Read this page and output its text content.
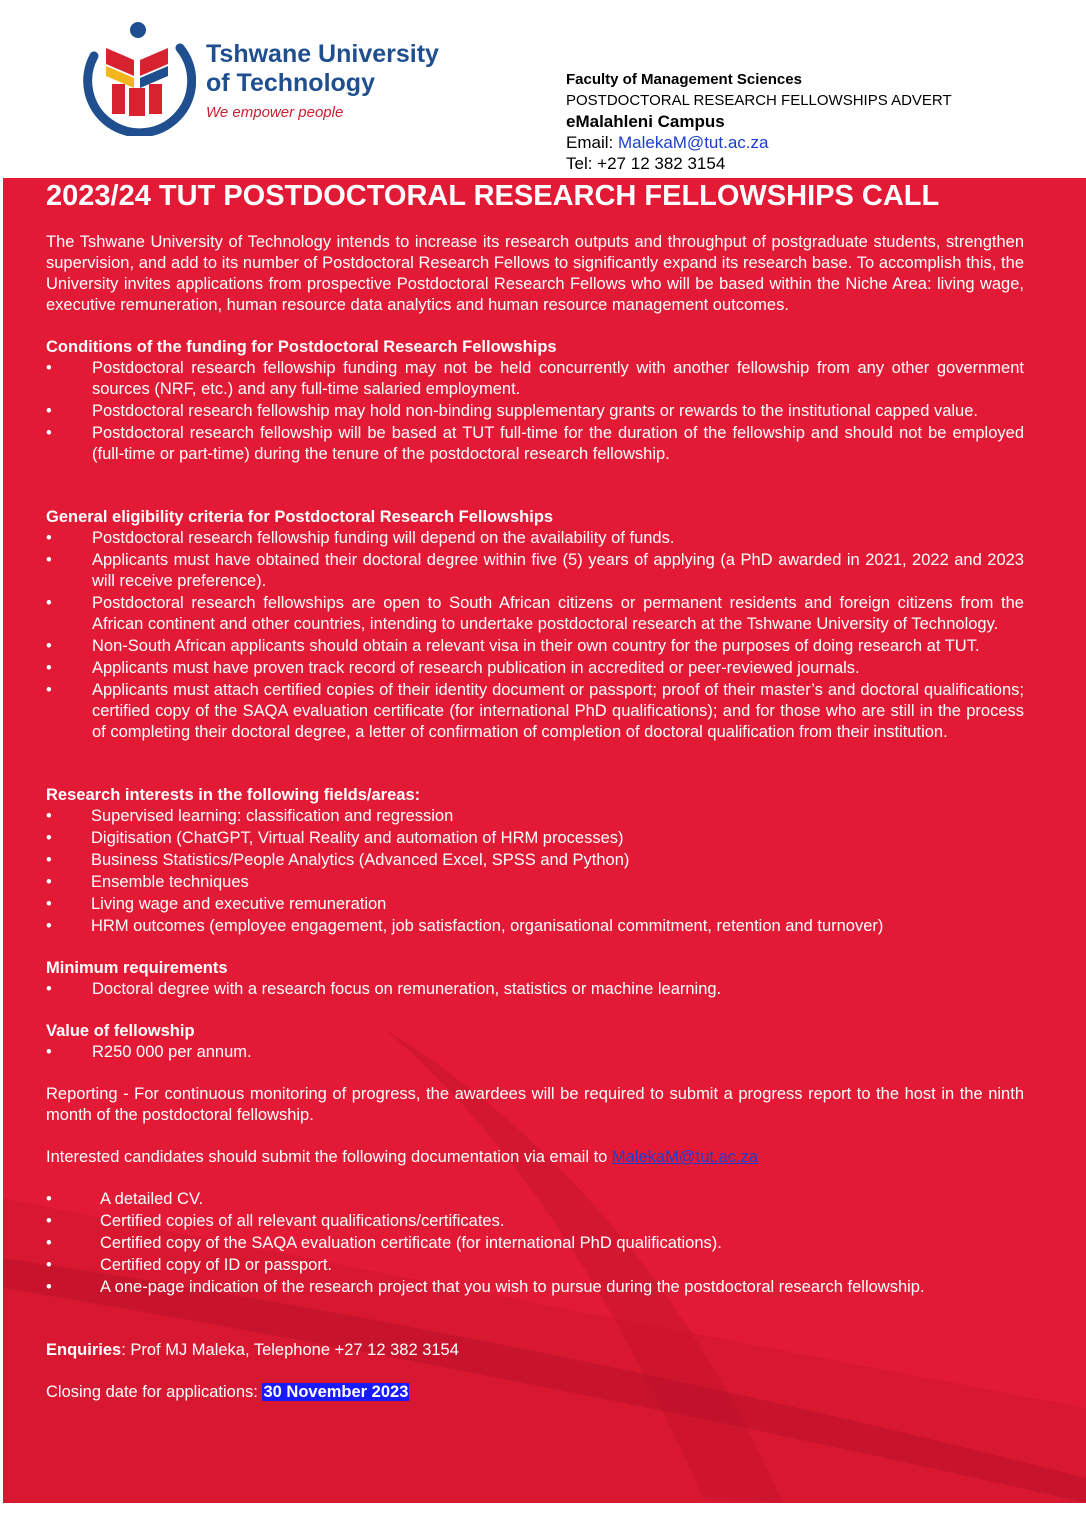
Tshwane University
of Technology
We empower people
Faculty of Management Sciences
POSTDOCTORAL RESEARCH FELLOWSHIPS ADVERT
eMalahleni Campus
Email: MalekaM@tut.ac.za
Tel: +27 12 382 3154
2023/24 TUT POSTDOCTORAL RESEARCH FELLOWSHIPS CALL

The Tshwane University of Technology intends to increase its research outputs and throughput of postgraduate students, strengthen supervision, and add to its number of Postdoctoral Research Fellows to significantly expand its research base. To accomplish this, the University invites applications from prospective Postdoctoral Research Fellows who will be based within the Niche Area: living wage, executive remuneration, human resource data analytics and human resource management outcomes.

Conditions of the funding for Postdoctoral Research Fellowships
• Postdoctoral research fellowship funding may not be held concurrently with another fellowship from any other government sources (NRF, etc.) and any full-time salaried employment.
• Postdoctoral research fellowship may hold non-binding supplementary grants or rewards to the institutional capped value.
• Postdoctoral research fellowship will be based at TUT full-time for the duration of the fellowship and should not be employed (full-time or part-time) during the tenure of the postdoctoral research fellowship.
General eligibility criteria for Postdoctoral Research Fellowships
• Postdoctoral research fellowship funding will depend on the availability of funds.
• Applicants must have obtained their doctoral degree within five (5) years of applying (a PhD awarded in 2021, 2022 and 2023 will receive preference).
• Postdoctoral research fellowships are open to South African citizens or permanent residents and foreign citizens from the African continent and other countries, intending to undertake postdoctoral research at the Tshwane University of Technology.
• Non-South African applicants should obtain a relevant visa in their own country for the purposes of doing research at TUT.
• Applicants must have proven track record of research publication in accredited or peer-reviewed journals.
• Applicants must attach certified copies of their identity document or passport; proof of their master’s and doctoral qualifications; certified copy of the SAQA evaluation certificate (for international PhD qualifications); and for those who are still in the process of completing their doctoral degree, a letter of confirmation of completion of doctoral qualification from their institution.
Research interests in the following fields/areas:
• Supervised learning: classification and regression
• Digitisation (ChatGPT, Virtual Reality and automation of HRM processes)
• Business Statistics/People Analytics (Advanced Excel, SPSS and Python)
• Ensemble techniques
• Living wage and executive remuneration
• HRM outcomes (employee engagement, job satisfaction, organisational commitment, retention and turnover)
Minimum requirements
• Doctoral degree with a research focus on remuneration, statistics or machine learning.
Value of fellowship
• R250 000 per annum.

Reporting - For continuous monitoring of progress, the awardees will be required to submit a progress report to the host in the ninth month of the postdoctoral fellowship.

Interested candidates should submit the following documentation via email to MalekaM@tut.ac.za

• A detailed CV.
• Certified copies of all relevant qualifications/certificates.
• Certified copy of the SAQA evaluation certificate (for international PhD qualifications).
• Certified copy of ID or passport.
• A one-page indication of the research project that you wish to pursue during the postdoctoral research fellowship.

Enquiries: Prof MJ Maleka, Telephone +27 12 382 3154

Closing date for applications: 30 November 2023
